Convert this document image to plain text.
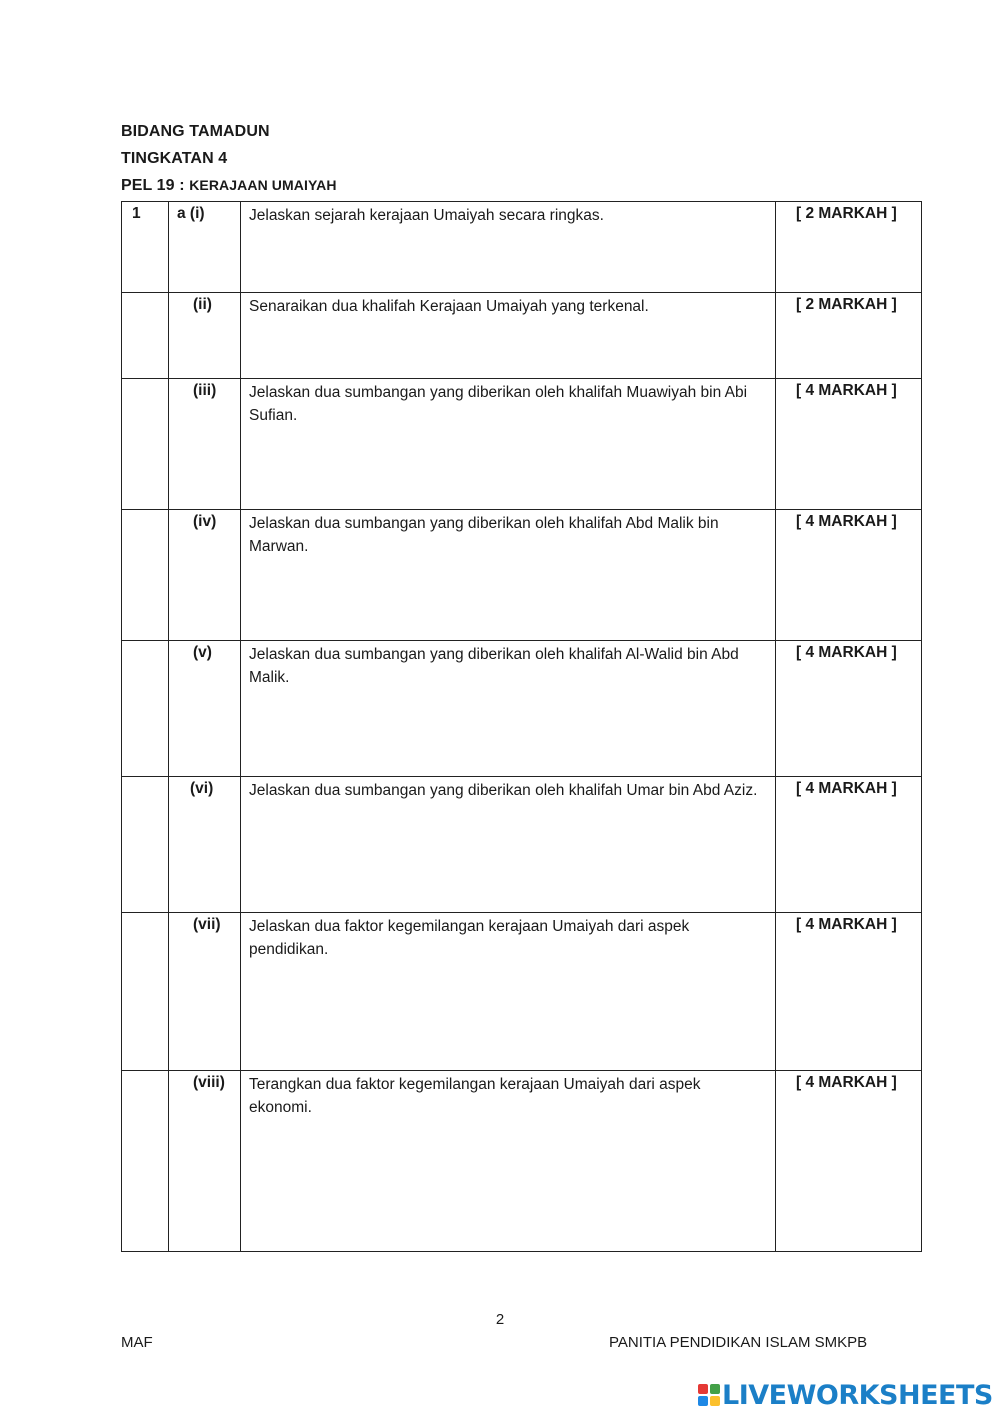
BIDANG TAMADUN
TINGKATAN 4
PEL 19 : KERAJAAN UMAIYAH
1	a (i)	Jelaskan sejarah kerajaan Umaiyah secara ringkas.	[ 2 MARKAH ]

	(ii)	Senaraikan dua khalifah Kerajaan Umaiyah yang terkenal.	[ 2 MARKAH ]

	(iii)	Jelaskan dua sumbangan yang diberikan oleh khalifah Muawiyah bin Abi Sufian.	[ 4 MARKAH ]

	(iv)	Jelaskan dua sumbangan yang diberikan oleh khalifah Abd Malik bin Marwan.	[ 4 MARKAH ]

	(v)	Jelaskan dua sumbangan yang diberikan oleh khalifah Al-Walid bin Abd Malik.	[ 4 MARKAH ]

	(vi)	Jelaskan dua sumbangan yang diberikan oleh khalifah Umar bin Abd Aziz.	[ 4 MARKAH ]

	(vii)	Jelaskan dua faktor kegemilangan kerajaan Umaiyah dari aspek pendidikan.	[ 4 MARKAH ]

	(viii)	Terangkan dua faktor kegemilangan kerajaan Umaiyah dari aspek ekonomi.	[ 4 MARKAH ]
2
MAF	PANITIA PENDIDIKAN ISLAM SMKPB
LIVEWORKSHEETS
